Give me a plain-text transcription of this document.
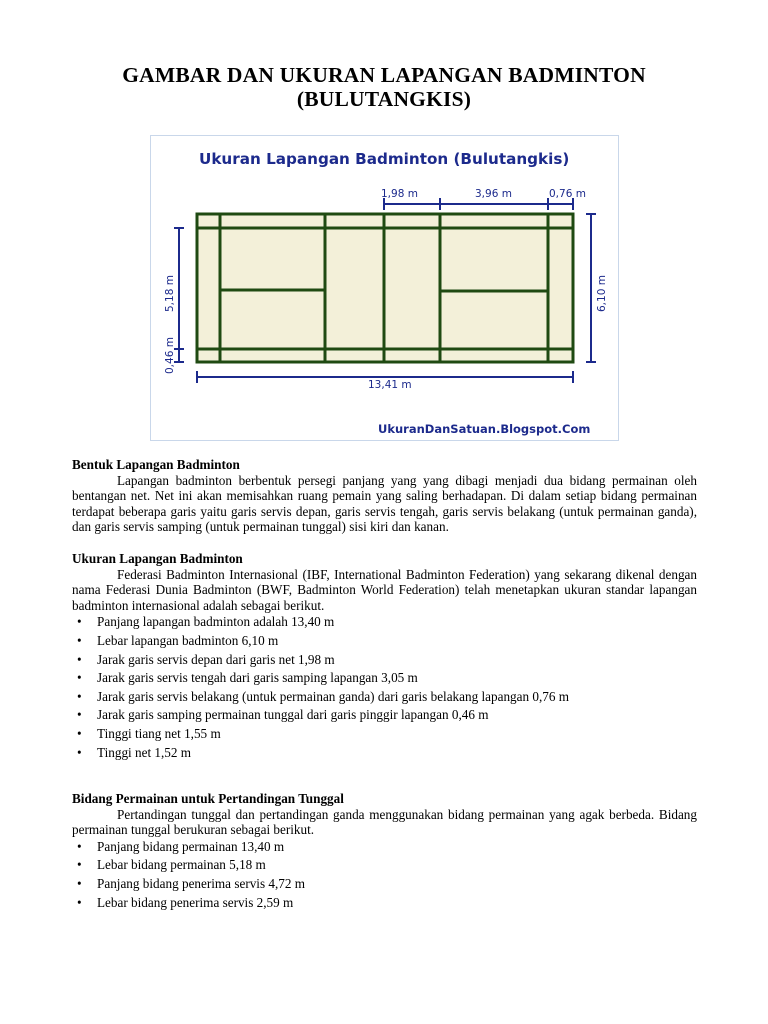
GAMBAR DAN UKURAN LAPANGAN BADMINTON
(BULUTANGKIS)
Ukuran Lapangan Badminton (Bulutangkis)
1,98 m	3,96 m	0,76 m
5,18 m
0,46 m
6,10 m
13,41 m
UkuranDanSatuan.Blogspot.Com
Bentuk Lapangan Badminton

Lapangan badminton berbentuk persegi panjang yang yang dibagi menjadi dua bidang permainan oleh bentangan net. Net ini akan memisahkan ruang pemain yang saling berhadapan. Di dalam setiap bidang permainan terdapat beberapa garis yaitu garis servis depan, garis servis tengah, garis servis belakang (untuk permainan ganda), dan garis servis samping (untuk permainan tunggal) sisi kiri dan kanan.

Ukuran Lapangan Badminton

Federasi Badminton Internasional (IBF, International Badminton Federation) yang sekarang dikenal dengan nama Federasi Dunia Badminton (BWF, Badminton World Federation) telah menetapkan ukuran standar lapangan badminton internasional adalah sebagai berikut.

• Panjang lapangan badminton adalah 13,40 m
• Lebar lapangan badminton 6,10 m
• Jarak garis servis depan dari garis net 1,98 m
• Jarak garis servis tengah dari garis samping lapangan 3,05 m
• Jarak garis servis belakang (untuk permainan ganda) dari garis belakang lapangan 0,76 m
• Jarak garis samping permainan tunggal dari garis pinggir lapangan 0,46 m
• Tinggi tiang net 1,55 m
• Tinggi net 1,52 m
Bidang Permainan untuk Pertandingan Tunggal

Pertandingan tunggal dan pertandingan ganda menggunakan bidang permainan yang agak berbeda. Bidang permainan tunggal berukuran sebagai berikut.

• Panjang bidang permainan 13,40 m
• Lebar bidang permainan 5,18 m
• Panjang bidang penerima servis 4,72 m
• Lebar bidang penerima servis 2,59 m
